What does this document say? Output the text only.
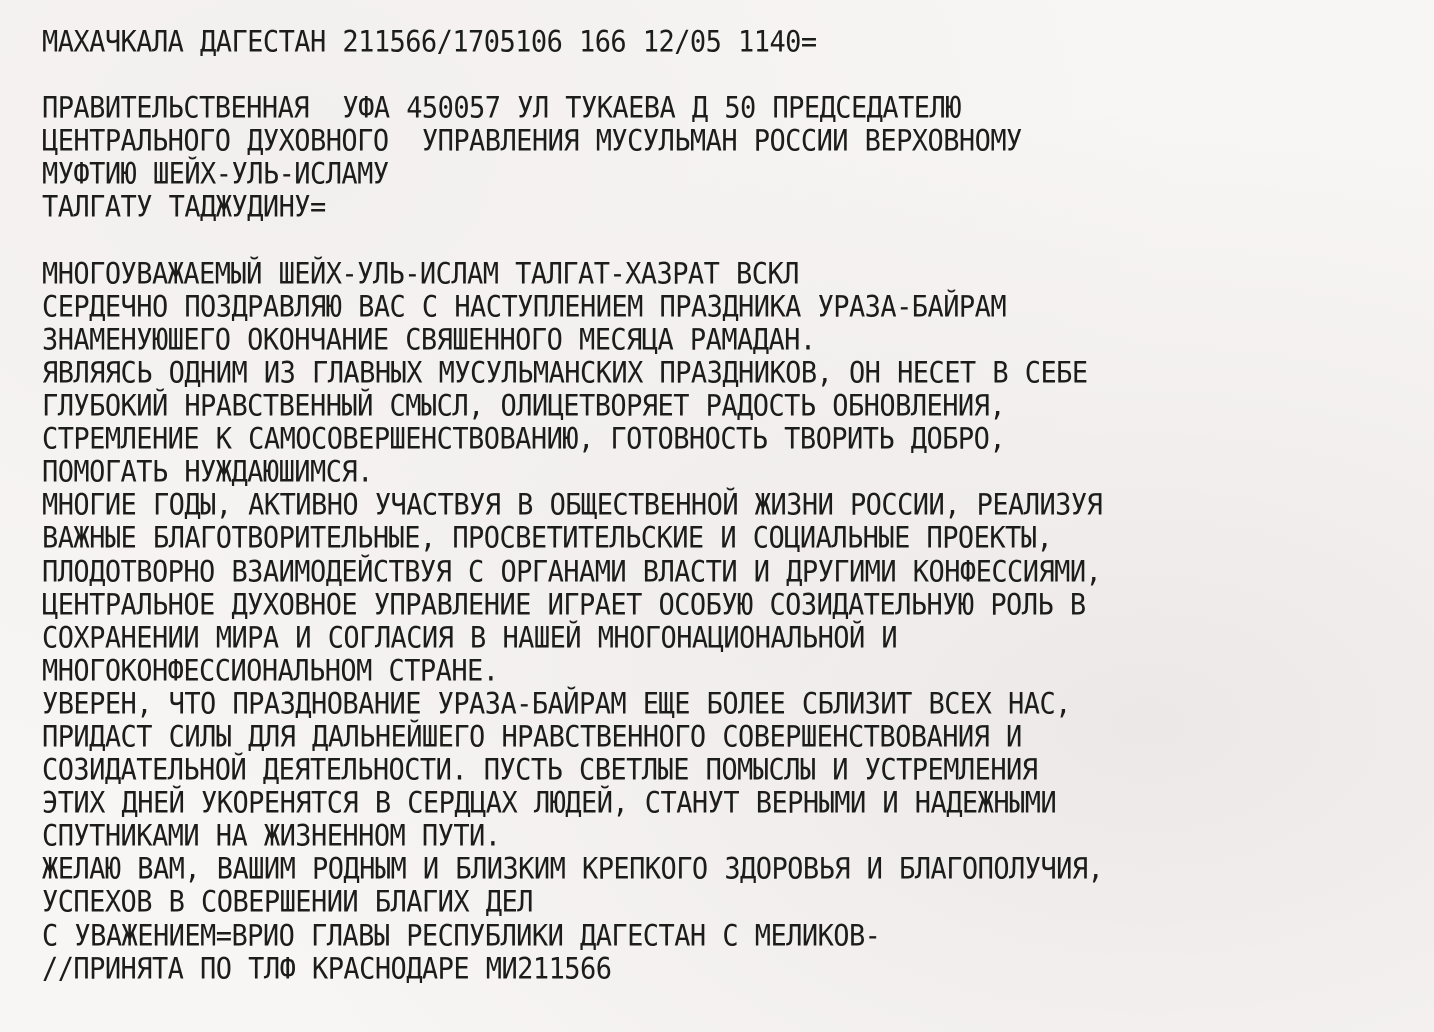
МАХАЧКАЛА ДАГЕСТАН 211566/1705106 166 12/05 1140=
ПРАВИТЕЛЬСТВЕННАЯ  УФА 450057 УЛ ТУКАЕВА Д 50 ПРЕДСЕДАТЕЛЮ
ЦЕНТРАЛЬНОГО ДУХОВНОГО  УПРАВЛЕНИЯ МУСУЛЬМАН РОССИИ ВЕРХОВНОМУ
МУФТИЮ ШЕЙХ-УЛЬ-ИСЛАМУ
ТАЛГАТУ ТАДЖУДИНУ=
МНОГОУВАЖАЕМЫЙ ШЕЙХ-УЛЬ-ИСЛАМ ТАЛГАТ-ХАЗРАТ ВСКЛ
СЕРДЕЧНО ПОЗДРАВЛЯЮ ВАС С НАСТУПЛЕНИЕМ ПРАЗДНИКА УРАЗА-БАЙРАМ
ЗНАМЕНУЮШЕГО ОКОНЧАНИЕ СВЯШЕННОГО МЕСЯЦА РАМАДАН.
ЯВЛЯЯСЬ ОДНИМ ИЗ ГЛАВНЫХ МУСУЛЬМАНСКИХ ПРАЗДНИКОВ, ОН НЕСЕТ В СЕБЕ
ГЛУБОКИЙ НРАВСТВЕННЫЙ СМЫСЛ, ОЛИЦЕТВОРЯЕТ РАДОСТЬ ОБНОВЛЕНИЯ,
СТРЕМЛЕНИЕ К САМОСОВЕРШЕНСТВОВАНИЮ, ГОТОВНОСТЬ ТВОРИТЬ ДОБРО,
ПОМОГАТЬ НУЖДАЮШИМСЯ.
МНОГИЕ ГОДЫ, АКТИВНО УЧАСТВУЯ В ОБЩЕСТВЕННОЙ ЖИЗНИ РОССИИ, РЕАЛИЗУЯ
ВАЖНЫЕ БЛАГОТВОРИТЕЛЬНЫЕ, ПРОСВЕТИТЕЛЬСКИЕ И СОЦИАЛЬНЫЕ ПРОЕКТЫ,
ПЛОДОТВОРНО ВЗАИМОДЕЙСТВУЯ С ОРГАНАМИ ВЛАСТИ И ДРУГИМИ КОНФЕССИЯМИ,
ЦЕНТРАЛЬНОЕ ДУХОВНОЕ УПРАВЛЕНИЕ ИГРАЕТ ОСОБУЮ СОЗИДАТЕЛЬНУЮ РОЛЬ В
СОХРАНЕНИИ МИРА И СОГЛАСИЯ В НАШЕЙ МНОГОНАЦИОНАЛЬНОЙ И
МНОГОКОНФЕССИОНАЛЬНОМ СТРАНЕ.
УВЕРЕН, ЧТО ПРАЗДНОВАНИЕ УРАЗА-БАЙРАМ ЕЩЕ БОЛЕЕ СБЛИЗИТ ВСЕХ НАС,
ПРИДАСТ СИЛЫ ДЛЯ ДАЛЬНЕЙШЕГО НРАВСТВЕННОГО СОВЕРШЕНСТВОВАНИЯ И
СОЗИДАТЕЛЬНОЙ ДЕЯТЕЛЬНОСТИ. ПУСТЬ СВЕТЛЫЕ ПОМЫСЛЫ И УСТРЕМЛЕНИЯ
ЭТИХ ДНЕЙ УКОРЕНЯТСЯ В СЕРДЦАХ ЛЮДЕЙ, СТАНУТ ВЕРНЫМИ И НАДЕЖНЫМИ
СПУТНИКАМИ НА ЖИЗНЕННОМ ПУТИ.
ЖЕЛАЮ ВАМ, ВАШИМ РОДНЫМ И БЛИЗКИМ КРЕПКОГО ЗДОРОВЬЯ И БЛАГОПОЛУЧИЯ,
УСПЕХОВ В СОВЕРШЕНИИ БЛАГИХ ДЕЛ
С УВАЖЕНИЕМ=ВРИО ГЛАВЫ РЕСПУБЛИКИ ДАГЕСТАН С МЕЛИКОВ-
//ПРИНЯТА ПО ТЛФ КРАСНОДАРЕ МИ211566
